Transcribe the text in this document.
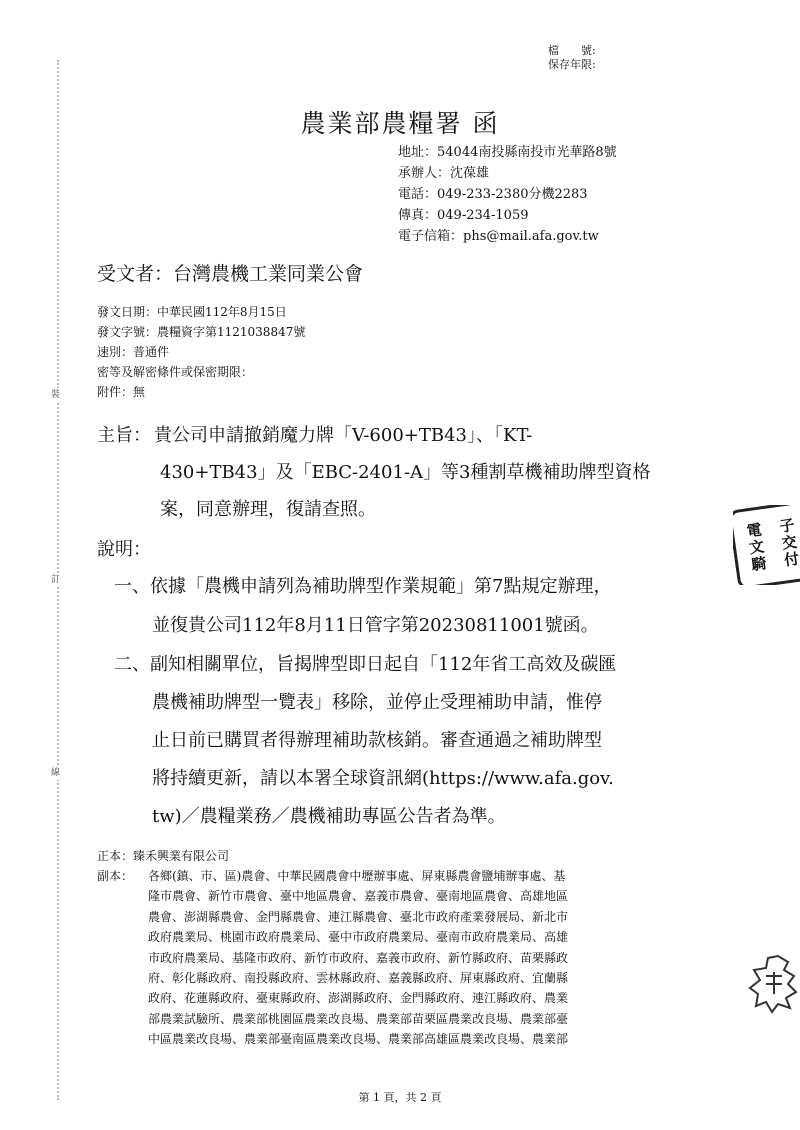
裝
訂
線
檔　　號:
保存年限:
農業部農糧署 函
地址：54044南投縣南投市光華路8號
承辦人：沈葆雄
電話：049-233-2380分機2283
傳真：049-234-1059
電子信箱：phs@mail.afa.gov.tw
受文者：台灣農機工業同業公會
發文日期：中華民國112年8月15日
發文字號：農糧資字第1121038847號
速別：普通件
密等及解密條件或保密期限：
附件：無
主旨： 貴公司申請撤銷魔力牌「V-600+TB43」、「KT-
430+TB43」及「EBC-2401-A」等3種割草機補助牌型資格
案，同意辦理，復請查照。
說明：
一、依據「農機申請列為補助牌型作業規範」第7點規定辦理，
並復貴公司112年8月11日管字第20230811001號函。
二、副知相關單位，旨揭牌型即日起自「112年省工高效及碳匯
農機補助牌型一覽表」移除，並停止受理補助申請，惟停
止日前已購買者得辦理補助款核銷。審查通過之補助牌型
將持續更新，請以本署全球資訊網(https://www.afa.gov.
tw)／農糧業務／農機補助專區公告者為準。
正本：臻禾興業有限公司
副本： 各鄉(鎮、市、區)農會、中華民國農會中壢辦事處、屏東縣農會鹽埔辦事處、基
隆市農會、新竹市農會、臺中地區農會、嘉義市農會、臺南地區農會、高雄地區
農會、澎湖縣農會、金門縣農會、連江縣農會、臺北市政府產業發展局、新北市
政府農業局、桃園市政府農業局、臺中市政府農業局、臺南市政府農業局、高雄
市政府農業局、基隆市政府、新竹市政府、嘉義市政府、新竹縣政府、苗栗縣政
府、彰化縣政府、南投縣政府、雲林縣政府、嘉義縣政府、屏東縣政府、宜蘭縣
政府、花蓮縣政府、臺東縣政府、澎湖縣政府、金門縣政府、連江縣政府、農業
部農業試驗所、農業部桃園區農業改良場、農業部苗栗區農業改良場、農業部臺
中區農業改良場、農業部臺南區農業改良場、農業部高雄區農業改良場、農業部
第 1 頁，共 2 頁
電	子
文	交
騎	付
